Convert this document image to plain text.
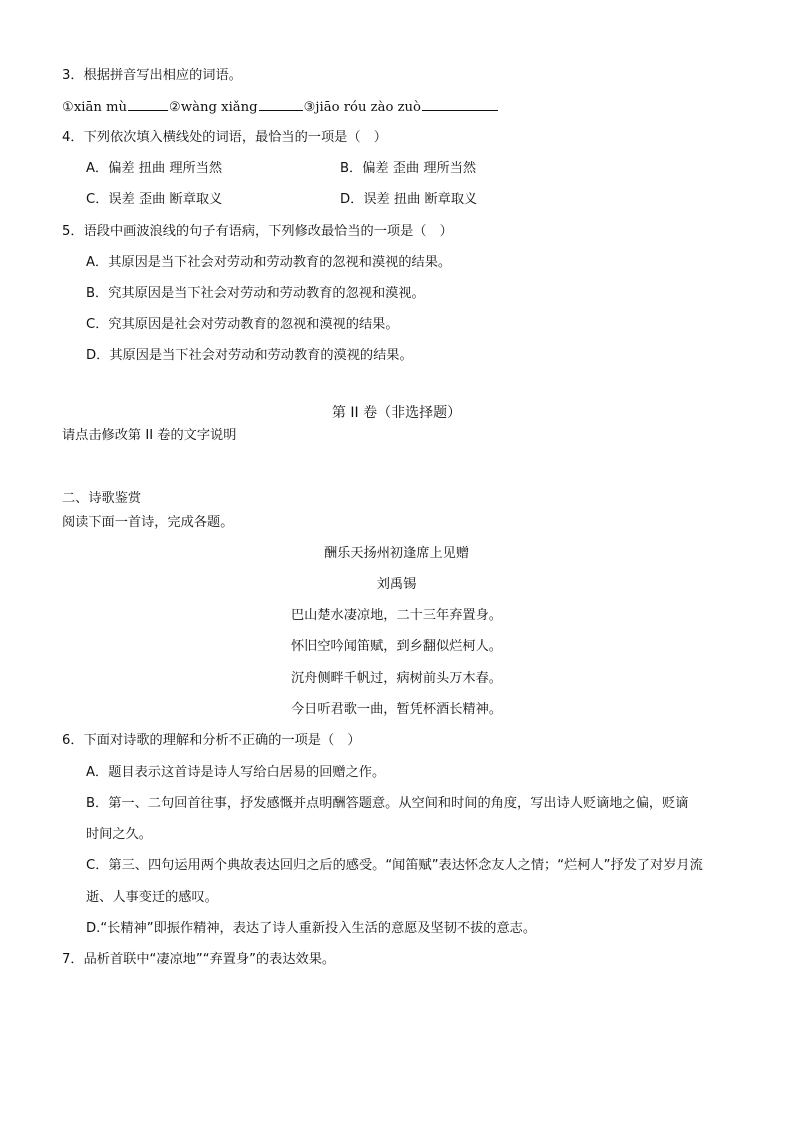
3．根据拼音写出相应的词语。
①xiān mù	②wàng xiǎng	③jiāo róu zào zuò
4．下列依次填入横线处的词语，最恰当的一项是（　）
A．偏差 扭曲 理所当然	B．偏差 歪曲 理所当然
C．误差 歪曲 断章取义	D．误差 扭曲 断章取义
5．语段中画波浪线的句子有语病，下列修改最恰当的一项是（　）
A．其原因是当下社会对劳动和劳动教育的忽视和漠视的结果。
B．究其原因是当下社会对劳动和劳动教育的忽视和漠视。
C．究其原因是社会对劳动教育的忽视和漠视的结果。
D．其原因是当下社会对劳动和劳动教育的漠视的结果。
第 II 卷（非选择题）
请点击修改第 II 卷的文字说明
二、诗歌鉴赏
阅读下面一首诗，完成各题。
酬乐天扬州初逢席上见赠
刘禹锡
巴山楚水凄凉地，二十三年弃置身。
怀旧空吟闻笛赋，到乡翻似烂柯人。
沉舟侧畔千帆过，病树前头万木春。
今日听君歌一曲，暂凭杯酒长精神。
6．下面对诗歌的理解和分析不正确的一项是（　）
A．题目表示这首诗是诗人写给白居易的回赠之作。
B．第一、二句回首往事，抒发感慨并点明酬答题意。从空间和时间的角度，写出诗人贬谪地之偏，贬谪
时间之久。
C．第三、四句运用两个典故表达回归之后的感受。“闻笛赋”表达怀念友人之情；“烂柯人”抒发了对岁月流
逝、人事变迁的感叹。
D.“长精神”即振作精神，表达了诗人重新投入生活的意愿及坚韧不拔的意志。
7．品析首联中“凄凉地”“弃置身”的表达效果。
